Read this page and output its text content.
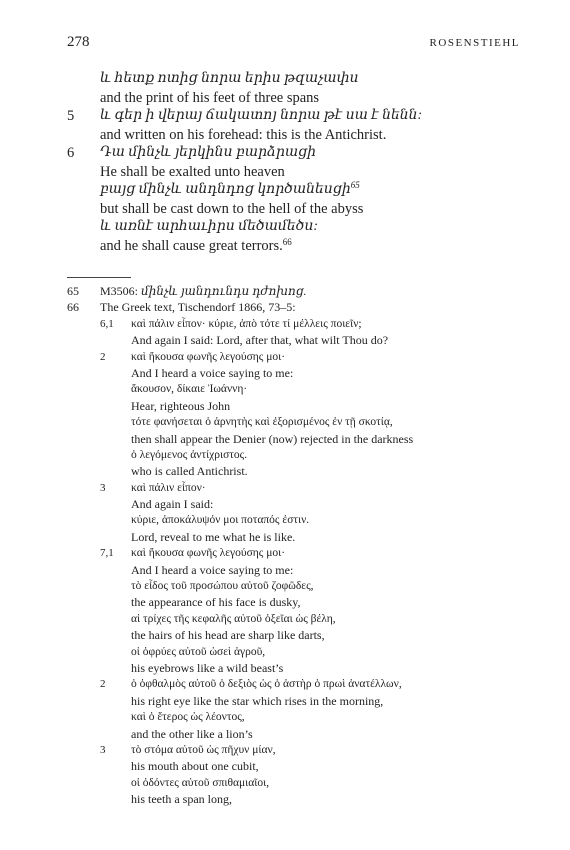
278	ROSENSTIEHL
և հետք ոտից նորա երիս թզաչափս
and the print of his feet of three spans
5 և գեր ի վերայ ճակատոյ նորա թէ սա է նենն:
and written on his forehead: this is the Antichrist.
6 Դա մինչև յերկինս բարձրացի
He shall be exalted unto heaven
բայց մինչև անդնդոց կործանեսցի$^{65}$
but shall be cast down to the hell of the abyss
և առնէ արհաւիրս մեծամեծս:
and he shall cause great terrors.$^{66}$
65 M3506: մինչև յանդունդս դժոխոց.
66 The Greek text, Tischendorf 1866, 73–5:
6,1 καὶ πάλιν εἶπον· κύριε, ἀπὸ τότε τί μέλλεις ποιεῖν;
And again I said: Lord, after that, what wilt Thou do?
2 καὶ ἤκουσα φωνῆς λεγούσης μοι·
And I heard a voice saying to me:
ἄκουσον, δίκαιε Ἰωάννη·
Hear, righteous John
τότε φανήσεται ὁ ἀρνητὴς καὶ ἐξορισμένος ἐν τῇ σκοτίᾳ,
then shall appear the Denier (now) rejected in the darkness
ὁ λεγόμενος ἀντίχριστος.
who is called Antichrist.
3 καὶ πάλιν εἶπον·
And again I said:
κύριε, ἀποκάλυψόν μοι ποταπός ἐστιν.
Lord, reveal to me what he is like.
7,1 καὶ ἤκουσα φωνῆς λεγούσης μοι·
And I heard a voice saying to me:
τὸ εἶδος τοῦ προσώπου αὐτοῦ ζοφῶδες,
the appearance of his face is dusky,
αἱ τρίχες τῆς κεφαλῆς αὐτοῦ ὀξεῖαι ὡς βέλη,
the hairs of his head are sharp like darts,
οἱ ὀφρύες αὐτοῦ ὡσεὶ ἀγροῦ,
his eyebrows like a wild beast’s
2 ὁ ὀφθαλμὸς αὐτοῦ ὁ δεξιὸς ὡς ὁ ἀστὴρ ὁ πρωὶ ἀνατέλλων,
his right eye like the star which rises in the morning,
καὶ ὁ ἕτερος ὡς λέοντος,
and the other like a lion’s
3 τὸ στόμα αὐτοῦ ὡς πῆχυν μίαν,
his mouth about one cubit,
οἱ ὀδόντες αὐτοῦ σπιθαμιαῖοι,
his teeth a span long,
